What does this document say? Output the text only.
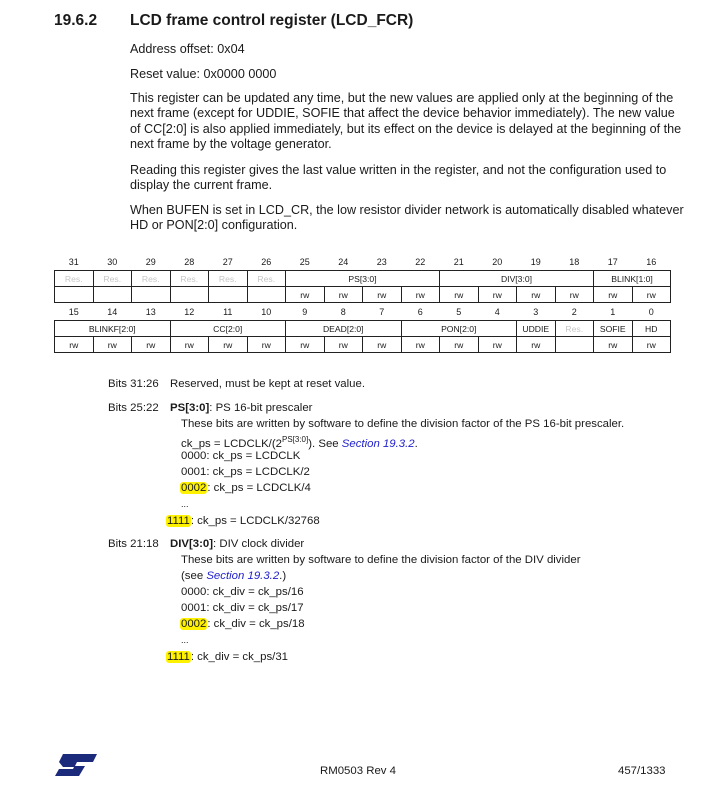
19.6.2 LCD frame control register (LCD_FCR)
Address offset: 0x04
Reset value: 0x0000 0000
This register can be updated any time, but the new values are applied only at the beginning of the next frame (except for UDDIE, SOFIE that affect the device behavior immediately). The new value of CC[2:0] is also applied immediately, but its effect on the device is delayed at the beginning of the next frame by the voltage generator.
Reading this register gives the last value written in the register, and not the configuration used to display the current frame.
When BUFEN is set in LCD_CR, the low resistor divider network is automatically disabled whatever HD or PON[2:0] configuration.
31	30	29	28	27	26	25	24	23	22	21	20	19	18	17	16
Res.	Res.	Res.	Res.	Res.	Res.	PS[3:0]				DIV[3:0]				BLINK[1:0]	
						rw	rw	rw	rw	rw	rw	rw	rw	rw	rw
15	14	13	12	11	10	9	8	7	6	5	4	3	2	1	0
BLINKF[2:0]			CC[2:0]			DEAD[2:0]			PON[2:0]			UDDIE	Res.	SOFIE	HD
rw	rw	rw	rw	rw	rw	rw	rw	rw	rw	rw	rw	rw		rw	rw
Bits 31:26 Reserved, must be kept at reset value.
Bits 25:22 PS[3:0]: PS 16-bit prescaler
These bits are written by software to define the division factor of the PS 16-bit prescaler.
ck_ps = LCDCLK/$(2^{PS[3:0]})$. See Section 19.3.2.
0000: ck_ps = LCDCLK
0001: ck_ps = LCDCLK/2
0002: ck_ps = LCDCLK/4
...
1111: ck_ps = LCDCLK/32768
Bits 21:18 DIV[3:0]: DIV clock divider
These bits are written by software to define the division factor of the DIV divider
(see Section 19.3.2.)
0000: ck_div = ck_ps/16
0001: ck_div = ck_ps/17
0002: ck_div = ck_ps/18
...
1111: ck_div = ck_ps/31
RM0503 Rev 4	457/1333
